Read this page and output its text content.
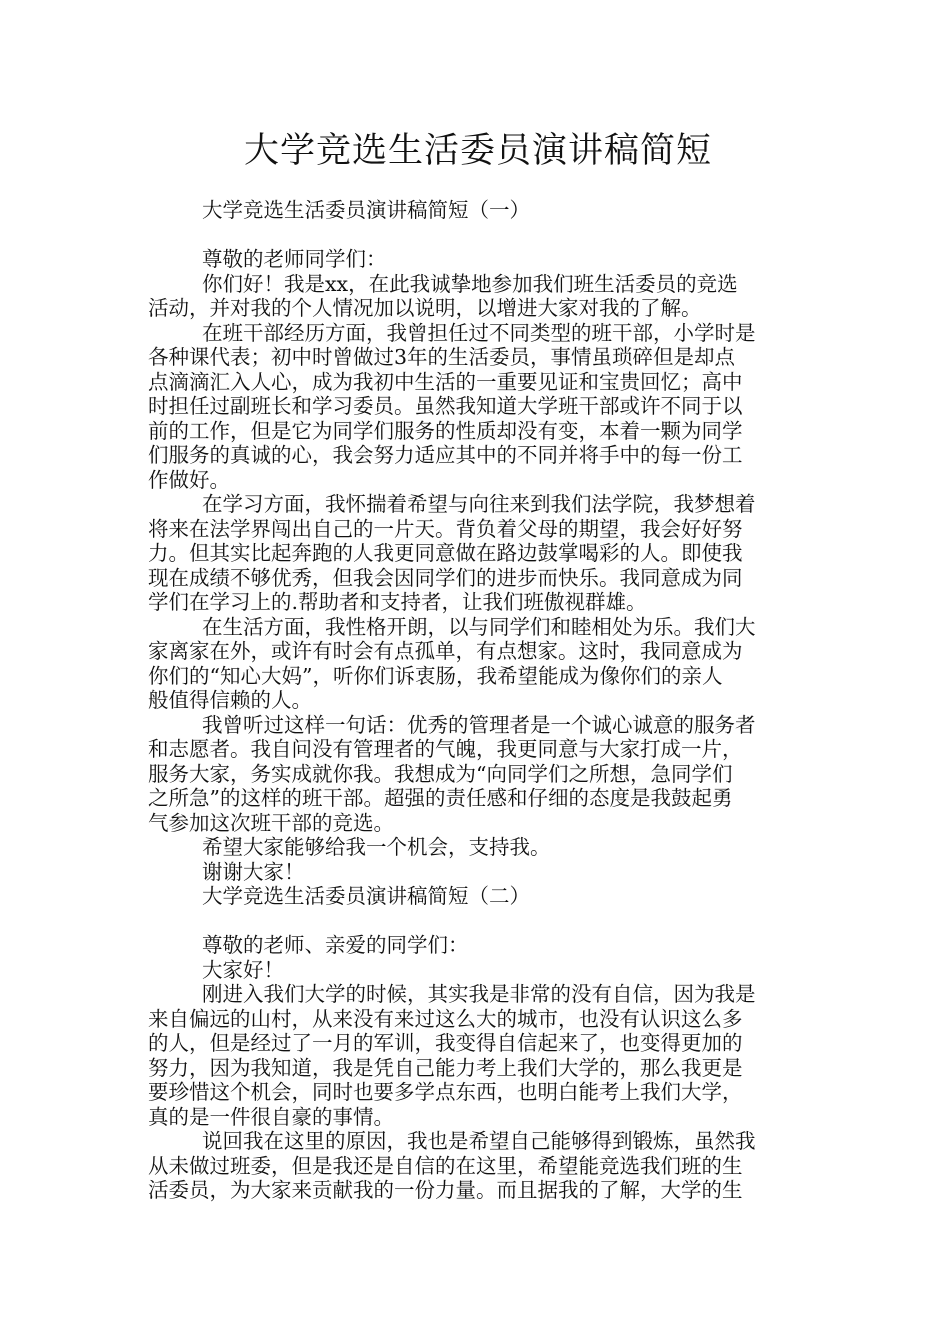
大学竞选生活委员演讲稿简短

大学竞选生活委员演讲稿简短（一）

尊敬的老师同学们：

你们好！我是xx，在此我诚挚地参加我们班生活委员的竞选

活动，并对我的个人情况加以说明，以增进大家对我的了解。

在班干部经历方面，我曾担任过不同类型的班干部，小学时是

各种课代表；初中时曾做过3年的生活委员，事情虽琐碎但是却点

点滴滴汇入人心，成为我初中生活的一重要见证和宝贵回忆；高中

时担任过副班长和学习委员。虽然我知道大学班干部或许不同于以

前的工作，但是它为同学们服务的性质却没有变，本着一颗为同学

们服务的真诚的心，我会努力适应其中的不同并将手中的每一份工

作做好。

在学习方面，我怀揣着希望与向往来到我们法学院，我梦想着

将来在法学界闯出自己的一片天。背负着父母的期望，我会好好努

力。但其实比起奔跑的人我更同意做在路边鼓掌喝彩的人。即使我

现在成绩不够优秀，但我会因同学们的进步而快乐。我同意成为同

学们在学习上的.帮助者和支持者，让我们班傲视群雄。

在生活方面，我性格开朗，以与同学们和睦相处为乐。我们大

家离家在外，或许有时会有点孤单，有点想家。这时，我同意成为

你们的“知心大妈”，听你们诉衷肠，我希望能成为像你们的亲人

般值得信赖的人。

我曾听过这样一句话：优秀的管理者是一个诚心诚意的服务者

和志愿者。我自问没有管理者的气魄，我更同意与大家打成一片，

服务大家，务实成就你我。我想成为“向同学们之所想，急同学们

之所急”的这样的班干部。超强的责任感和仔细的态度是我鼓起勇

气参加这次班干部的竞选。

希望大家能够给我一个机会，支持我。

谢谢大家！

大学竞选生活委员演讲稿简短（二）

尊敬的老师、亲爱的同学们：

大家好！

刚进入我们大学的时候，其实我是非常的没有自信，因为我是

来自偏远的山村，从来没有来过这么大的城市，也没有认识这么多

的人，但是经过了一月的军训，我变得自信起来了，也变得更加的

努力，因为我知道，我是凭自己能力考上我们大学的，那么我更是

要珍惜这个机会，同时也要多学点东西，也明白能考上我们大学，

真的是一件很自豪的事情。

说回我在这里的原因，我也是希望自己能够得到锻炼，虽然我

从未做过班委，但是我还是自信的在这里，希望能竞选我们班的生

活委员，为大家来贡献我的一份力量。而且据我的了解，大学的生
